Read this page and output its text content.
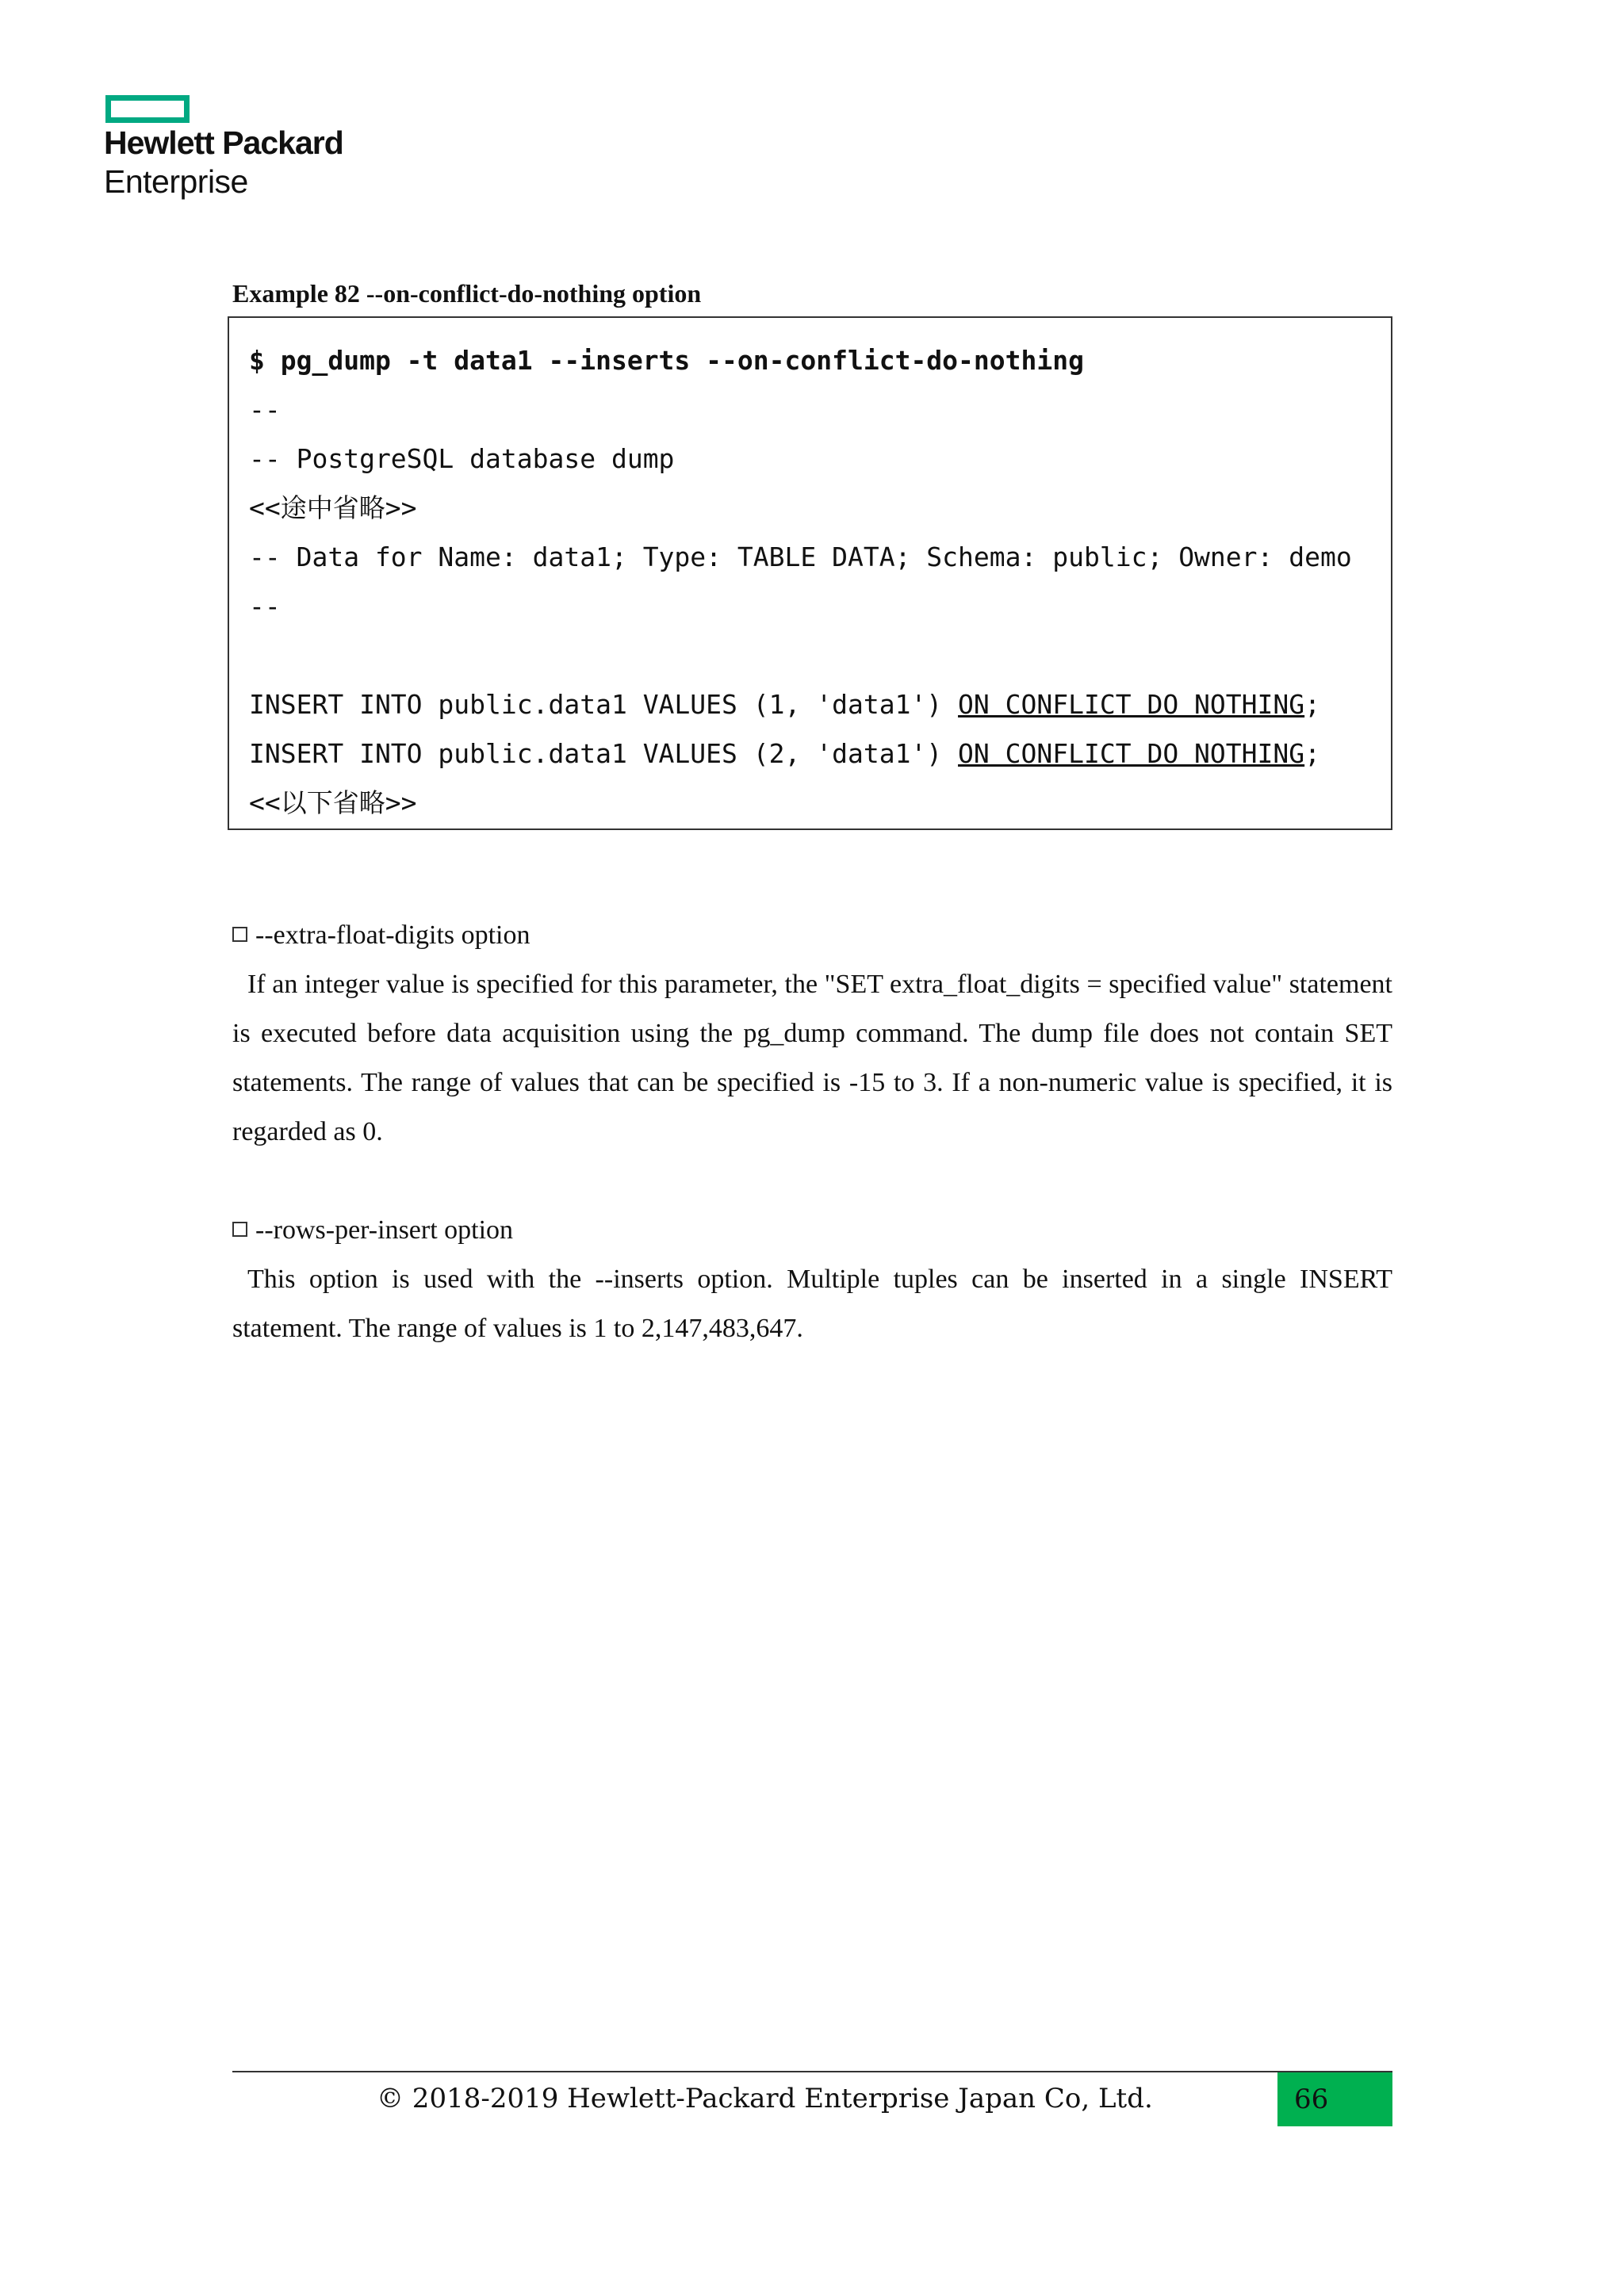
Hewlett Packard
Enterprise
Example 82 --on-conflict-do-nothing option
$ pg_dump -t data1 --inserts --on-conflict-do-nothing
--
-- PostgreSQL database dump
<<途中省略>>
-- Data for Name: data1; Type: TABLE DATA; Schema: public; Owner: demo
--
INSERT INTO public.data1 VALUES (1, 'data1') ON CONFLICT DO NOTHING;
INSERT INTO public.data1 VALUES (2, 'data1') ON CONFLICT DO NOTHING;
<<以下省略>>
--extra-float-digits option
If an integer value is specified for this parameter, the "SET extra_float_digits = specified value" statement is executed before data acquisition using the pg_dump command. The dump file does not contain SET statements. The range of values that can be specified is -15 to 3. If a non-numeric value is specified, it is regarded as 0.
--rows-per-insert option
This option is used with the --inserts option. Multiple tuples can be inserted in a single INSERT statement. The range of values is 1 to 2,147,483,647.
© 2018-2019 Hewlett-Packard Enterprise Japan Co, Ltd.	66
